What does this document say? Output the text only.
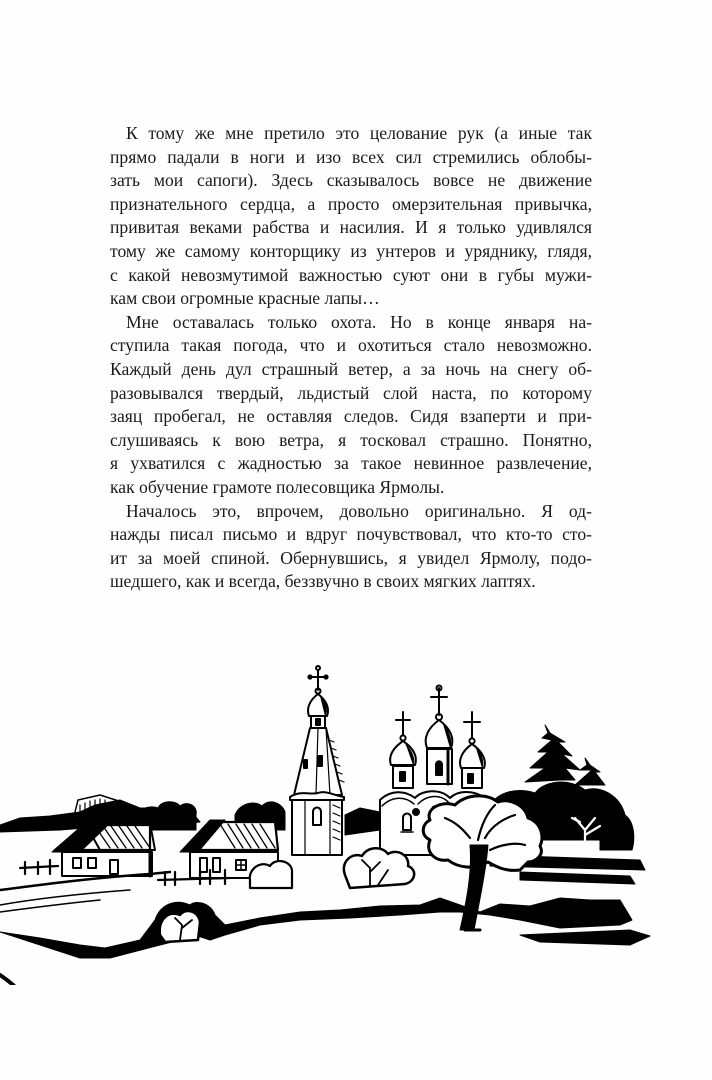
К тому же мне претило это целование рук (а иные так
прямо падали в ноги и изо всех сил стремились облобы-
зать мои сапоги). Здесь сказывалось вовсе не движение
признательного сердца, а просто омерзительная привычка,
привитая веками рабства и насилия. И я только удивлялся
тому же самому конторщику из унтеров и уряднику, глядя,
с какой невозмутимой важностью суют они в губы мужи-
кам свои огромные красные лапы…
Мне оставалась только охота. Но в конце января на-
ступила такая погода, что и охотиться стало невозможно.
Каждый день дул страшный ветер, а за ночь на снегу об-
разовывался твердый, льдистый слой наста, по которому
заяц пробегал, не оставляя следов. Сидя взаперти и при-
слушиваясь к вою ветра, я тосковал страшно. Понятно,
я ухватился с жадностью за такое невинное развлечение,
как обучение грамоте полесовщика Ярмолы.
Началось это, впрочем, довольно оригинально. Я од-
нажды писал письмо и вдруг почувствовал, что кто-то сто-
ит за моей спиной. Обернувшись, я увидел Ярмолу, подо-
шедшего, как и всегда, беззвучно в своих мягких лаптях.
